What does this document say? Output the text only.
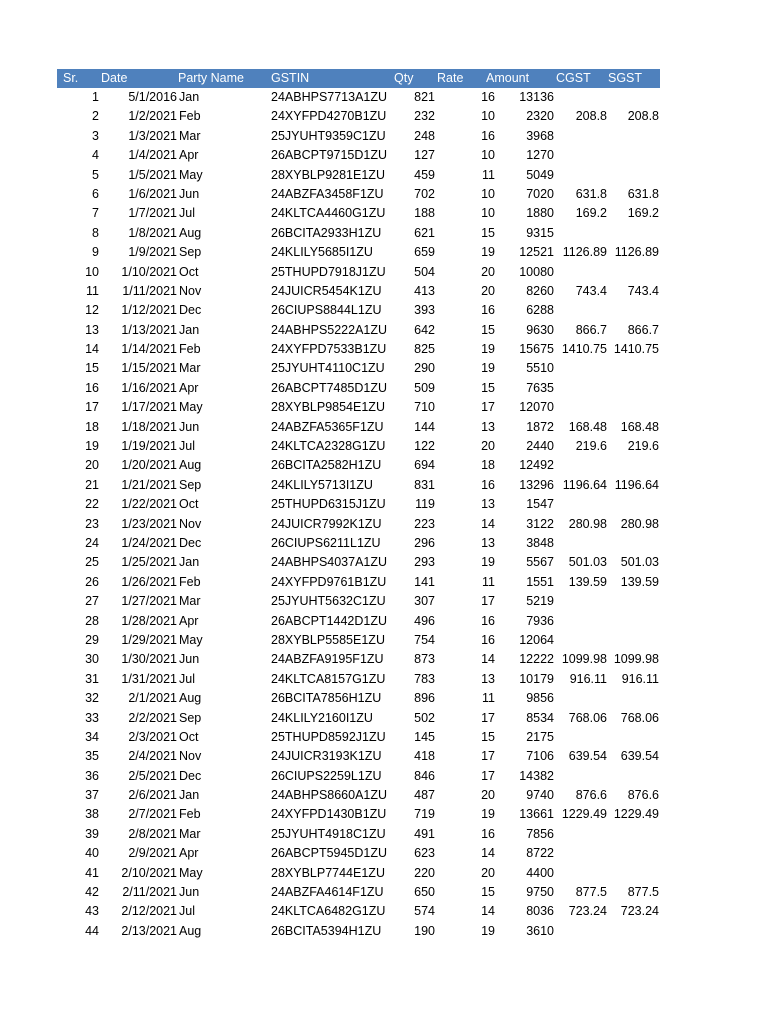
Sr. Date	Party Name GSTIN	Qty Rate Amount CGST SGST
1	5/1/2016 Jan	24ABHPS7713A1ZU	821	16	13136
2	1/2/2021 Feb	24XYFPD4270B1ZU	232	10	2320	208.8	208.8
3	1/3/2021 Mar	25JYUHT9359C1ZU	248	16	3968
4	1/4/2021 Apr	26ABCPT9715D1ZU	127	10	1270
5	1/5/2021 May	28XYBLP9281E1ZU	459	11	5049
6	1/6/2021 Jun	24ABZFA3458F1ZU	702	10	7020	631.8	631.8
7	1/7/2021 Jul	24KLTCA4460G1ZU	188	10	1880	169.2	169.2
8	1/8/2021 Aug	26BCITA2933H1ZU	621	15	9315
9	1/9/2021 Sep	24KLILY5685I1ZU	659	19	12521 1126.89 1126.89
10	1/10/2021 Oct	25THUPD7918J1ZU	504	20	10080
11	1/11/2021 Nov	24JUICR5454K1ZU	413	20	8260	743.4	743.4
12	1/12/2021 Dec	26CIUPS8844L1ZU	393	16	6288
13	1/13/2021 Jan	24ABHPS5222A1ZU	642	15	9630	866.7	866.7
14	1/14/2021 Feb	24XYFPD7533B1ZU	825	19	15675 1410.75 1410.75
15	1/15/2021 Mar	25JYUHT4110C1ZU	290	19	5510
16	1/16/2021 Apr	26ABCPT7485D1ZU	509	15	7635
17	1/17/2021 May	28XYBLP9854E1ZU	710	17	12070
18	1/18/2021 Jun	24ABZFA5365F1ZU	144	13	1872	168.48	168.48
19	1/19/2021 Jul	24KLTCA2328G1ZU	122	20	2440	219.6	219.6
20	1/20/2021 Aug	26BCITA2582H1ZU	694	18	12492
21	1/21/2021 Sep	24KLILY5713I1ZU	831	16	13296 1196.64 1196.64
22	1/22/2021 Oct	25THUPD6315J1ZU	119	13	1547
23	1/23/2021 Nov	24JUICR7992K1ZU	223	14	3122	280.98	280.98
24	1/24/2021 Dec	26CIUPS6211L1ZU	296	13	3848
25	1/25/2021 Jan	24ABHPS4037A1ZU	293	19	5567	501.03	501.03
26	1/26/2021 Feb	24XYFPD9761B1ZU	141	11	1551	139.59	139.59
27	1/27/2021 Mar	25JYUHT5632C1ZU	307	17	5219
28	1/28/2021 Apr	26ABCPT1442D1ZU	496	16	7936
29	1/29/2021 May	28XYBLP5585E1ZU	754	16	12064
30	1/30/2021 Jun	24ABZFA9195F1ZU	873	14	12222 1099.98 1099.98
31	1/31/2021 Jul	24KLTCA8157G1ZU	783	13	10179	916.11	916.11
32	2/1/2021 Aug	26BCITA7856H1ZU	896	11	9856
33	2/2/2021 Sep	24KLILY2160I1ZU	502	17	8534	768.06	768.06
34	2/3/2021 Oct	25THUPD8592J1ZU	145	15	2175
35	2/4/2021 Nov	24JUICR3193K1ZU	418	17	7106	639.54	639.54
36	2/5/2021 Dec	26CIUPS2259L1ZU	846	17	14382
37	2/6/2021 Jan	24ABHPS8660A1ZU	487	20	9740	876.6	876.6
38	2/7/2021 Feb	24XYFPD1430B1ZU	719	19	13661 1229.49 1229.49
39	2/8/2021 Mar	25JYUHT4918C1ZU	491	16	7856
40	2/9/2021 Apr	26ABCPT5945D1ZU	623	14	8722
41	2/10/2021 May	28XYBLP7744E1ZU	220	20	4400
42	2/11/2021 Jun	24ABZFA4614F1ZU	650	15	9750	877.5	877.5
43	2/12/2021 Jul	24KLTCA6482G1ZU	574	14	8036	723.24	723.24
44	2/13/2021 Aug	26BCITA5394H1ZU	190	19	3610
